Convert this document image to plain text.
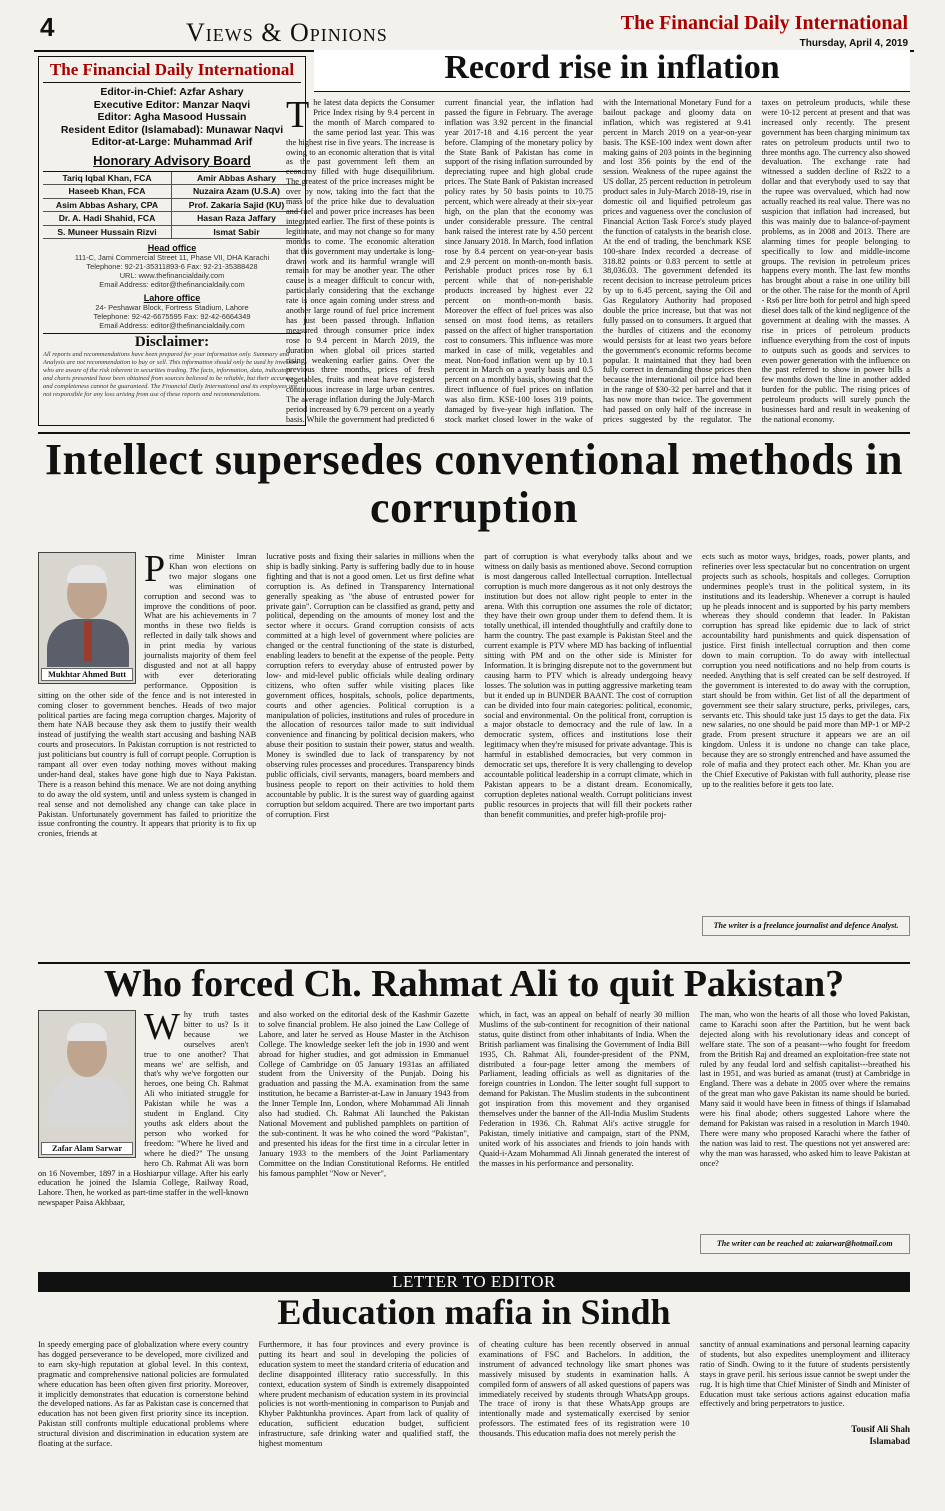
4	Views & Opinions	The Financial Daily International
Thursday, April 4, 2019
The Financial Daily International
Editor-in-Chief: Azfar Ashary
Executive Editor: Manzar Naqvi
Editor: Agha Masood Hussain
Resident Editor (Islamabad): Munawar Naqvi
Editor-at-Large: Muhammad Arif
Honorary Advisory Board
Tariq Iqbal Khan, FCA	Amir Abbas Ashary
Haseeb Khan, FCA	Nuzaira Azam (U.S.A)
Asim Abbas Ashary, CPA	Prof. Zakaria Sajid (KU)
Dr. A. Hadi Shahid, FCA	Hasan Raza Jaffary
S. Muneer Hussain Rizvi	Ismat Sabir
Head office
111-C, Jami Commercial Street 11, Phase VII, DHA Karachi
Telephone: 92-21-35311893-6 Fax: 92-21-35388428
URL: www.thefinancialdaily.com
Email Address: editor@thefinancialdaily.com
Lahore office
24- Peshawar Block, Fortress Stadium, Lahore
Telephone: 92-42-6675595 Fax: 92-42-6664349
Email Address: editor@thefinancialdaily.com
Disclaimer:
All reports and recommendations have been prepared for your information only. Summary and Analysis are not recommendation to buy or sell. This information should only be used by investors who are aware of the risk inherent in securities trading. The facts, information, data, indicators and charts presented have been obtained from sources believed to be reliable, but their accuracy and completeness cannot be guaranteed. The Financial Daily International and its employees are not responsible for any loss arising from use of these reports and recommendations.
Record rise in inflation
The latest data depicts the Consumer Price Index rising by 9.4 percent in the month of March compared to the same period last year. This was the highest rise in five years. The increase is owing to an economic alteration that is vital as the past government left them an economy filled with huge disequilibrium. The greatest of the price increases might be over by now, taking into the fact that the mass of the price hike due to devaluation and fuel and power price increases has been integrated earlier. The first of these points is legitimate, and may not change so for many months to come. The economic alteration that this government may undertake is long-drawn work and its harmful wrangle will remain for may be another year. The other cause is a meager difficult to concur with, particularly considering that the exchange rate is once again coming under stress and another large round of fuel price increment has just been passed through. Inflation measured through consumer price index rose to 9.4 percent in March 2019, the duration when global oil prices started rising, weakening earlier gains. Over the previous three months, prices of fresh vegetables, fruits and meat have registered continuous increase in large urban centres. The average inflation during the July-March period increased by 6.79 percent on a yearly basis. While the government had predicted 6
current financial year, the inflation had passed the figure in February. The average inflation was 3.92 percent in the financial year 2017-18 and 4.16 percent the year before. Clamping of the monetary policy by the State Bank of Pakistan has come in support of the rising inflation surrounded by depreciating rupee and high global crude prices. The State Bank of Pakistan increased policy rates by 50 basis points to 10.75 percent, which were already at their six-year high, on the plan that the economy was under considerable pressure. The central bank raised the interest rate by 4.50 percent since January 2018. In March, food inflation rose by 8.4 percent on year-on-year basis and 2.9 percent on month-on-month basis. Perishable product prices rose by 6.1 percent while that of non-perishable products increased by highest ever 22 percent on month-on-month basis. Moreover the effect of fuel prices was also sensed on most food items, as retailers passed on the affect of higher transportation cost to consumers. This influence was more marked in case of milk, vegetables and meat. Non-food inflation went up by 10.1 percent in March on a yearly basis and 0.5 percent on a monthly basis, showing that the direct influence of fuel prices on inflation was also firm. KSE-100 loses 319 points, damaged by five-year high inflation. The stock market closed lower in the wake of
with the International Monetary Fund for a bailout package and gloomy data on inflation, which was registered at 9.41 percent in March 2019 on a year-on-year basis. The KSE-100 index went down after making gains of 203 points in the beginning and lost 356 points by the end of the session. Weakness of the rupee against the US dollar, 25 percent reduction in petroleum product sales in July-March 2018-19, rise in domestic oil and liquified petroleum gas prices and vagueness over the conclusion of Financial Action Task Force's study played the function of catalysts in the bearish close. At the end of trading, the benchmark KSE 100-share Index recorded a decrease of 318.82 points or 0.83 percent to settle at 38,036.03. The government defended its recent decision to increase petroleum prices by up to 6.45 percent, saying the Oil and Gas Regulatory Authority had proposed double the price increase, but that was not fully passed on to consumers. It argued that the hurdles of citizens and the economy would persists for at least two years before the government's economic reforms become popular. It maintained that they had been fully correct in demanding those prices then because the international oil price had been in the range of $30-32 per barrel and that it has now more than twice. The government had passed on only half of the increase in prices suggested by the regulator. The
taxes on petroleum products, while these were 10-12 percent at present and that was increased only recently. The present government has been charging minimum tax rates on petroleum products until two to three months ago. The currency also showed devaluation. The exchange rate had witnessed a sudden decline of Rs22 to a dollar and that everybody used to say that the rupee was overvalued, which had now actually reached its real value. There was no suspicion that inflation had increased, but this was mainly due to balance-of-payment problems, as in 2008 and 2013. There are alarming times for people belonging to specifically to low and middle-income groups. The revision in petroleum prices happens every month. The last few months has brought about a raise in one utility bill or the other. The raise for the month of April - Rs6 per litre both for petrol and high speed diesel does talk of the kind negligence of the government at dealing with the masses. A rise in prices of petroleum products influence everything from the cost of inputs to outputs such as goods and services to even power generation with the influence on the past referred to show in power bills a few months down the line in another added burden for the public. The rising prices of petroleum products will surely punch the businesses hard and result in weakening of the national economy.
Intellect supersedes conventional methods in corruption
Mukhtar Ahmed Butt
Prime Minister Imran Khan won elections on two major slogans one was elimination of corruption and second was to improve the conditions of poor. What are his achievements in 7 months in these two fields is reflected in daily talk shows and in print media by various journalists majority of them feel disgusted and not at all happy with ever deteriorating performance. Opposition is sitting on the other side of the fence and is not interested in coming closer to government benches. Heads of two major political parties are facing mega corruption charges. Majority of them hate NAB because they ask them to justify their wealth instead of justifying the wealth start accusing and bashing NAB courts and prosecutors. In Pakistan corruption is not restricted to just politicians but country is full of corrupt people. Corruption is rampant all over even today nothing moves without making under-hand deal, stakes have gone high due to Naya Pakistan. There is a reason behind this menace. We are not doing anything to do away the old system, until and unless system is changed in real sense and not demolished any change can take place in Pakistan. Unfortunately government has failed to prioritize the issue confronting the country. It appears that priority is to fix up cronies, friends at
lucrative posts and fixing their salaries in millions when the ship is badly sinking. Party is suffering badly due to in house fighting and that is not a good omen. Let us first define what corruption is. As defined in Transparency International generally speaking as "the abuse of entrusted power for private gain". Corruption can be classified as grand, petty and political, depending on the amounts of money lost and the sector where it occurs. Grand corruption consists of acts committed at a high level of government where policies are changed or the central functioning of the state is disturbed, enabling leaders to benefit at the expense of the people. Petty corruption refers to everyday abuse of entrusted power by low- and mid-level public officials while dealing ordinary citizens, who often suffer while visiting places like government offices, hospitals, schools, police departments, courts and other agencies. Political corruption is a manipulation of policies, institutions and rules of procedure in the allocation of resources tailor made to suit individual convenience and financing by political decision makers, who abuse their position to sustain their power, status and wealth. Money is swindled due to lack of transparency by not observing rules processes and procedures. Transparency binds public officials, civil servants, managers, board members and business people to report on their activities to hold them accountable by public. It is the surest way of guarding against corruption but seldom acquired. There are two important parts of corruption. First
part of corruption is what everybody talks about and we witness on daily basis as mentioned above. Second corruption is most dangerous called Intellectual corruption. Intellectual corruption is much more dangerous as it not only destroys the institution but does not allow right people to enter in the arena. With this corruption one assumes the role of dictator; they have their own group under them to defend them. It is totally unethical, ill intended thoughtfully and craftily done to harm the country. The past example is Pakistan Steel and the current example is PTV where MD has backing of influential sitting with PM and on the other side is Minister for Information. It is bringing disrepute not to the government but causing harm to PTV which is already undergoing heavy losses. The solution was in putting aggressive marketing team but it ended up in BUNDER BAANT. The cost of corruption can be divided into four main categories: political, economic, social and environmental. On the political front, corruption is a major obstacle to democracy and the rule of law. In a democratic system, offices and institutions lose their legitimacy when they're misused for private advantage. This is harmful in established democracies, but very common in democratic set ups, therefore It is very challenging to develop accountable political leadership in a corrupt climate, which in Pakistan appears to be a distant dream. Economically, corruption depletes national wealth. Corrupt politicians invest public resources in projects that will fill their pockets rather than benefit communities, and prefer high-profile proj-
ects such as motor ways, bridges, roads, power plants, and refineries over less spectacular but no concentration on urgent projects such as schools, hospitals and colleges. Corruption undermines people's trust in the political system, in its institutions and its leadership. Whenever a corrupt is hauled up he pleads innocent and is supported by his party members whereas they should condemn that leader. In Pakistan corruption has spread like epidemic due to lack of strict accountability hard punishments and quick dispensation of justice. First finish intellectual corruption and then come down to main corruption. To do away with intellectual corruption you need notifications and no help from courts is needed. Anything that is self created can be self destroyed. If the government is interested to do away with the corruption, start should be from within. Get list of all the department of government see their salary structure, perks, privileges, cars, servants etc. This should take just 15 days to get the data. Fix new salaries, no one should be paid more than MP-1 or MP-2 grade. From present structure it appears we are an oil kingdom. Unless it is undone no change can take place, because they are so strongly entrenched and have assumed the role of mafia and they protect each other. Mr. Khan you are the Chief Executive of Pakistan with full authority, please rise up to the realities before it gets too late.
The writer is a freelance journalist and defence Analyst.
Who forced Ch. Rahmat Ali to quit Pakistan?
Zafar Alam Sarwar
Why truth tastes bitter to us? Is it because we ourselves aren't true to one another? That means we' are selfish, and that's why we've forgotten our heroes, one being Ch. Rahmat Ali who initiated struggle for Pakistan while he was a student in England. City youths ask elders about the person who worked for freedom: "Where he lived and where he died?" The unsung hero Ch. Rahmat Ali was born on 16 November, 1897 in a Hoshiarpur village. After his early education he joined the Islamia College, Railway Road, Lahore. Then, he worked as part-time staffer in the well-known newspaper Paisa Akhbaar,
and also worked on the editorial desk of the Kashmir Gazette to solve financial problem. He also joined the Law College of Lahore, and later he served as House Master in the Atchison College. The knowledge seeker left the job in 1930 and went abroad for higher studies, and got admission in Emmanuel College of Cambridge on 05 January 1931as an affiliated student from the University of the Punjab. Doing his graduation and passing the M.A. examination from the same institution, he became a Barrister-at-Law in January 1943 from the Inner Temple Inn, London, where Mohammad Ali Jinnah also had studied. Ch. Rahmat Ali launched the Pakistan National Movement and published pamphlets on partition of the sub-continent. It was he who coined the word "Pakistan", and presented his ideas for the first time in a circular letter in January 1933 to the members of the Joint Parliamentary Committee on the Indian Constitutional Reforms. He entitled his famous pamphlet "Now or Never",
which, in fact, was an appeal on behalf of nearly 30 million Muslims of the sub-continent for recognition of their national status, quite distinct from other inhabitants of India. When the British parliament was finalising the Government of India Bill 1935, Ch. Rahmat Ali, founder-president of the PNM, distributed a four-page letter among the members of Parliament, leading officials as well as dignitaries of the foreign countries in London. The letter sought full support to demand for Pakistan. The Muslim students in the subcontinent got inspiration from this movement and they organised themselves under the banner of the All-India Muslim Students Federation in 1936. Ch. Rahmat Ali's active struggle for Pakistan, timely initiative and campaign, start of the PNM, united work of his associates and friends to join hands with Quaid-i-Azam Mohammad Ali Jinnah generated the interest of the masses in his performance and personality.
The man, who won the hearts of all those who loved Pakistan, came to Karachi soon after the Partition, but he went back dejected along with his revolutionary ideas and concept of welfare state. The son of a peasant---who fought for freedom from the British Raj and dreamed an exploitation-free state not ruled by any feudal lord and selfish capitalist---breathed his last in 1951, and was buried as amanat (trust) at Cambridge in England. There was a debate in 2005 over where the remains of the great man who gave Pakistan its name should be buried. Many said it would have been in fitness of things if Islamabad were his final abode; others suggested Lahore where the demand for Pakistan was raised in a resolution in March 1940. There were many who proposed Karachi where the father of the nation was laid to rest. The questions not yet answered are: why the man was harassed, who asked him to leave Pakistan at once?
The writer can be reached at: zaiarwar@hotmail.com
LETTER TO EDITOR
Education mafia in Sindh
In speedy emerging pace of globalization where every country has dogged perseverance to be developed, more civilized and to earn sky-high reputation at global level. In this context, pragmatic and comprehensive national policies are formulated where education has been often given first priority. Moreover, it implicitly demonstrates that education is cornerstone behind the developed nations. As far as Pakistan case is concerned that education has not been given first priority since its inception. Pakistan still confronts multiple educational problems where structural division and discrimination in education system are floating at the surface.
Furthermore, it has four provinces and every province is putting its heart and soul in developing the policies of education system to meet the standard criteria of education and decline disappointed illiteracy ratio successfully. In this context, education system of Sindh is extremely disappointed where prudent mechanism of education system in its provincial policies is not worth-mentioning in comparison to Punjab and Khyber Pakhtunkha provinces. Apart from lack of quality of education, sufficient education budget, sufficient infrastructure, safe drinking water and qualified staff, the highest momentum
of cheating culture has been recently observed in annual examinations of FSC and Bachelors. In addition, the instrument of advanced technology like smart phones was massively misused by students in examination halls. A compiled form of answers of all asked questions of papers was immediately received by students through WhatsApp groups. The trace of irony is that these WhatsApp groups are intentionally made and systematically exercised by senior professors. The estimated fees of its registration were 10 thousands. This education mafia does not merely perish the
sanctity of annual examinations and personal learning capacity of students, but also expedites unemployment and illiteracy ratio of Sindh. Owing to it the future of students persistently stays in grave peril. his serious issue cannot be swept under the rug. It is high time that Chief Minister of Sindh and Minister of Education must take serious actions against education mafia effectively and bring perpetrators to justice.
Tousif Ali Shah
Islamabad
